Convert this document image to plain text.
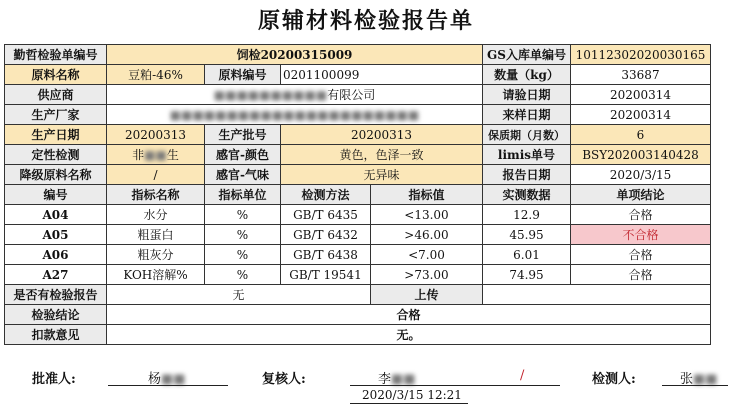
原辅材料检验报告单
勤哲检验单编号	饲检20200315009				GS入库单编号	10112302020030165
原料名称	豆粕-46%	原料编号	0201100099		数量（kg）	33687
供应商	■■■■■■■■■■有限公司				请验日期	20200314
生产厂家	■■■■■■■■■■■■■■■■■■■■■■				来样日期	20200314
生产日期	20200313	生产批号	20200313		保质期（月数）	6
定性检测	非■■生	感官-颜色	黄色，色泽一致		limis单号	BSY202003140428
降级原料名称	/	感官-气味	无异味		报告日期	2020/3/15
编号	指标名称	指标单位	检测方法	指标值	实测数据	单项结论
A04	水分	%	GB/T 6435	<13.00	12.9	合格
A05	粗蛋白	%	GB/T 6432	>46.00	45.95	不合格
A06	粗灰分	%	GB/T 6438	<7.00	6.01	合格
A27	KOH溶解%	%	GB/T 19541	>73.00	74.95	合格
是否有检验报告	无			上传		
检验结论	合格					
扣款意见	无。					
批准人:	杨■■	复核人:	李■■	/
2020/3/15 12:21
检测人:	张■■
